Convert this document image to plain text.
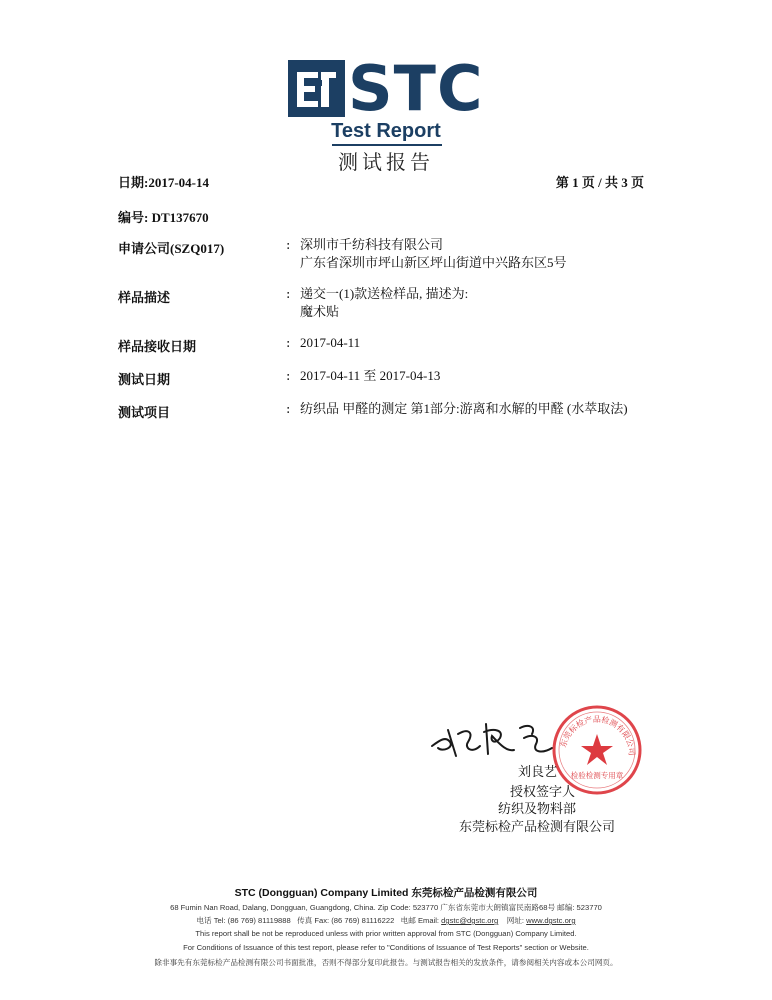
STC
Test Report
测试报告
日期:2017-04-14	第 1 页 / 共 3 页
编号: DT137670
申请公司(SZQ017)	: 深圳市千纺科技有限公司
广东省深圳市坪山新区坪山街道中兴路东区5号
样品描述	: 递交一(1)款送检样品, 描述为:
魔术贴
样品接收日期	: 2017-04-11
测试日期	: 2017-04-11 至 2017-04-13
测试项目	: 纺织品 甲醛的测定 第1部分:游离和水解的甲醛 (水萃取法)
东莞标检产品检测有限公司
检验检测专用章
刘良艺
授权签字人
纺织及物料部
东莞标检产品检测有限公司
STC (Dongguan) Company Limited 东莞标检产品检测有限公司
68 Fumin Nan Road, Dalang, Dongguan, Guangdong, China. Zip Code: 523770 广东省东莞市大朗镇富民南路68号 邮编: 523770
电话 Tel: (86 769) 81119888 传真 Fax: (86 769) 81116222 电邮 Email: dgstc@dgstc.org 网址: www.dgstc.org
This report shall be not be reproduced unless with prior written approval from STC (Dongguan) Company Limited.
For Conditions of Issuance of this test report, please refer to "Conditions of Issuance of Test Reports" section or Website.
除非事先有东莞标检产品检测有限公司书面批准，否则不得部分复印此报告。与测试报告相关的发放条件，请参阅相关内容或本公司网页。
